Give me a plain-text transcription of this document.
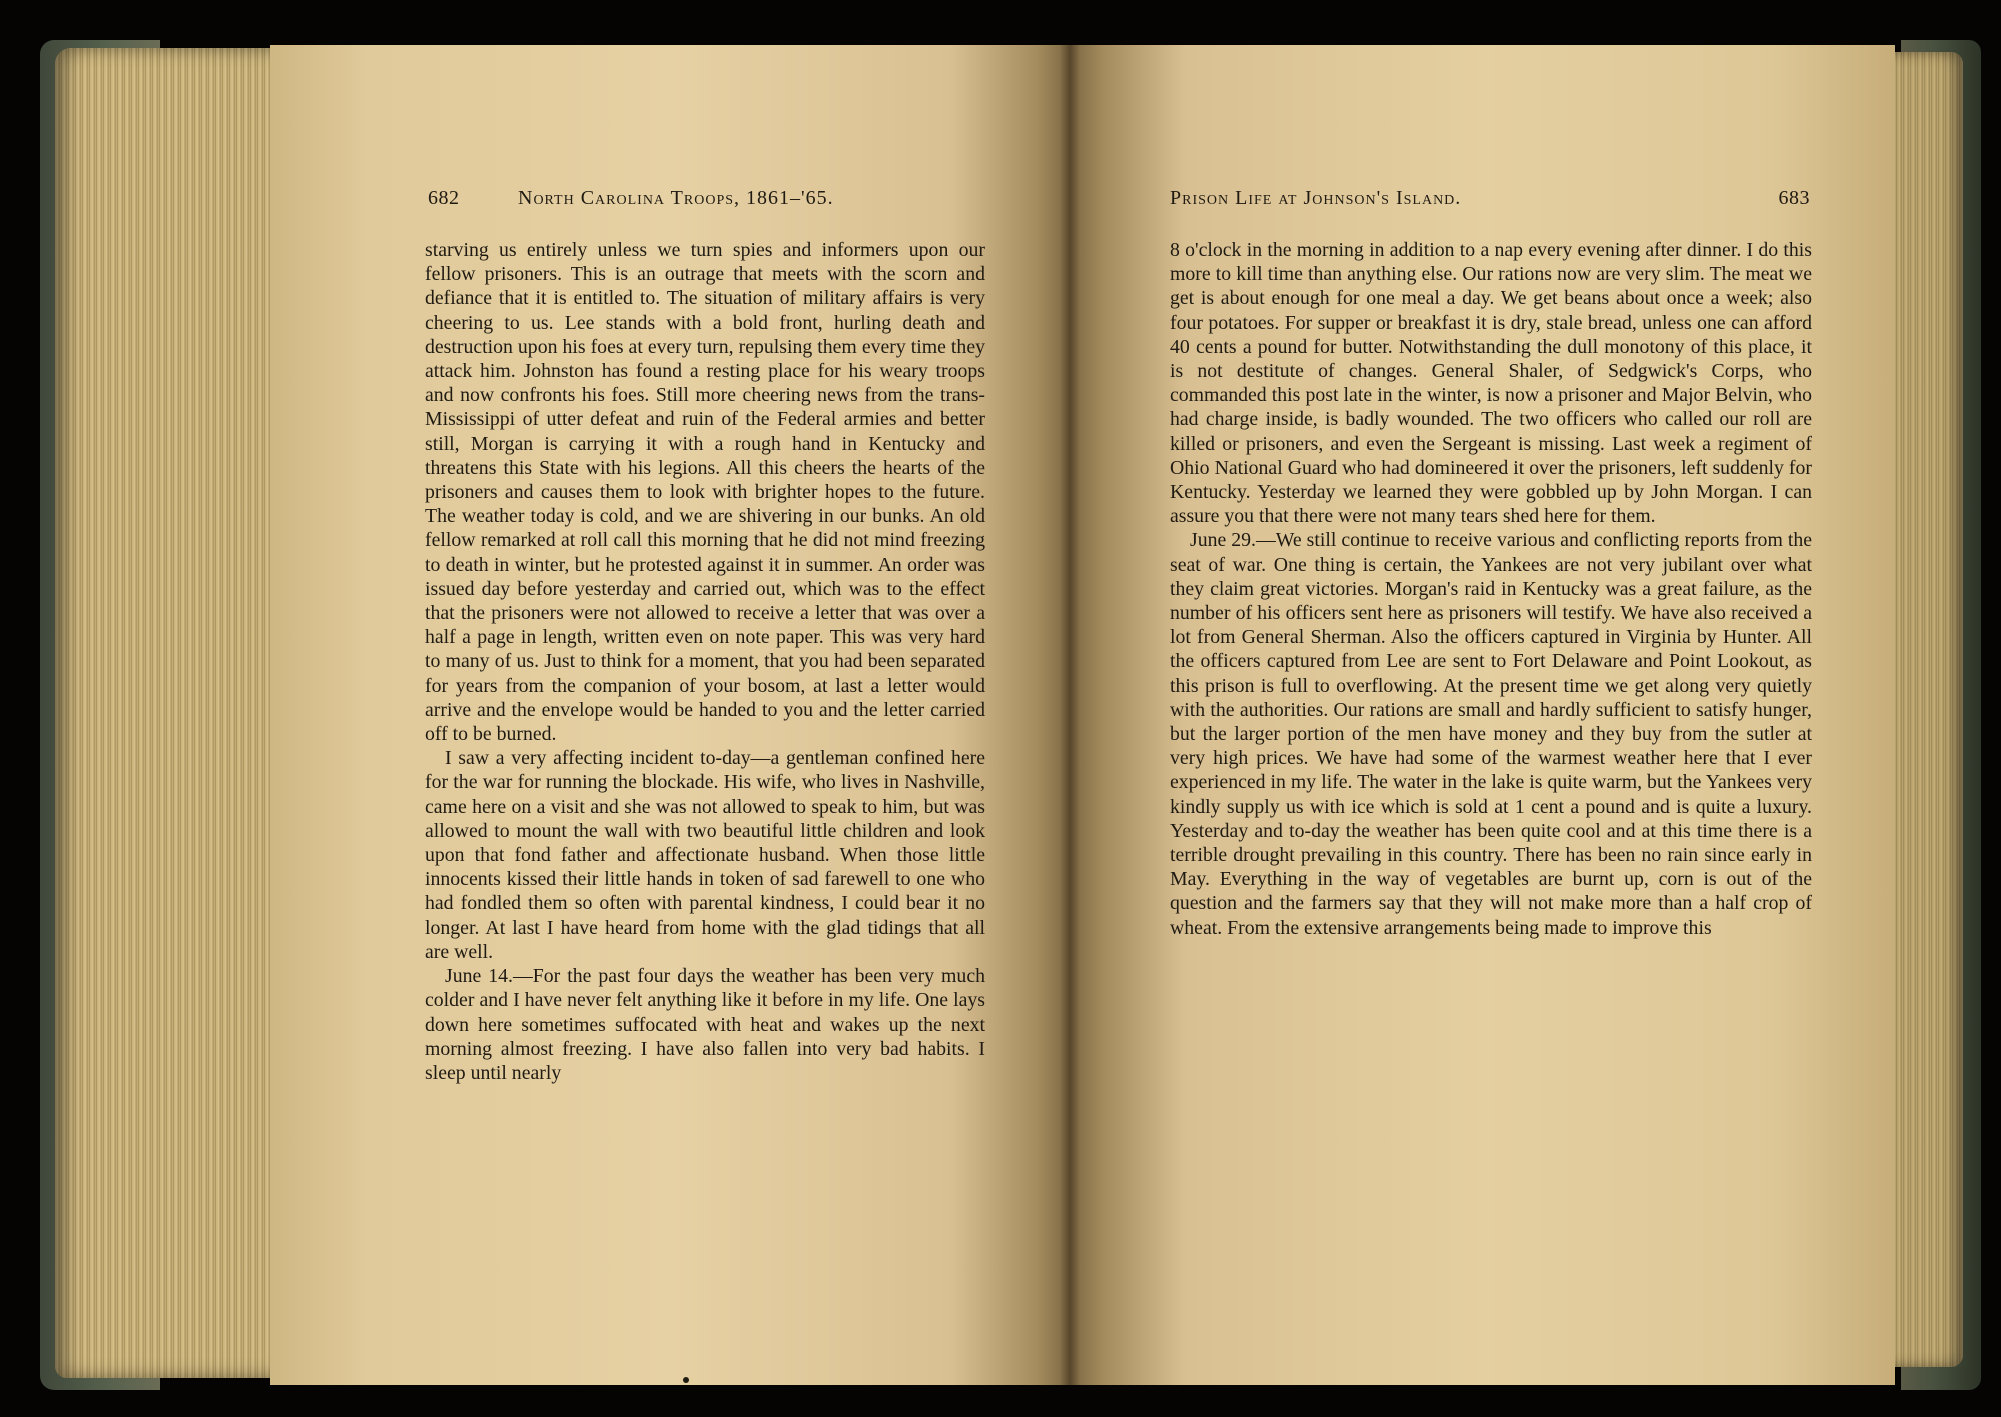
682	North Carolina Troops, 1861–'65.

starving us entirely unless we turn spies and informers upon our fellow prisoners. This is an outrage that meets with the scorn and defiance that it is entitled to. The situation of military affairs is very cheering to us. Lee stands with a bold front, hurling death and destruction upon his foes at every turn, repulsing them every time they attack him. Johnston has found a resting place for his weary troops and now confronts his foes. Still more cheering news from the trans-Mississippi of utter defeat and ruin of the Federal armies and better still, Morgan is carrying it with a rough hand in Kentucky and threatens this State with his legions. All this cheers the hearts of the prisoners and causes them to look with brighter hopes to the future. The weather today is cold, and we are shivering in our bunks. An old fellow remarked at roll call this morning that he did not mind freezing to death in winter, but he protested against it in summer. An order was issued day before yesterday and carried out, which was to the effect that the prisoners were not allowed to receive a letter that was over a half a page in length, written even on note paper. This was very hard to many of us. Just to think for a moment, that you had been separated for years from the companion of your bosom, at last a letter would arrive and the envelope would be handed to you and the letter carried off to be burned.

I saw a very affecting incident to-day—a gentleman confined here for the war for running the blockade. His wife, who lives in Nashville, came here on a visit and she was not allowed to speak to him, but was allowed to mount the wall with two beautiful little children and look upon that fond father and affectionate husband. When those little innocents kissed their little hands in token of sad farewell to one who had fondled them so often with parental kindness, I could bear it no longer. At last I have heard from home with the glad tidings that all are well.

June 14.—For the past four days the weather has been very much colder and I have never felt anything like it before in my life. One lays down here sometimes suffocated with heat and wakes up the next morning almost freezing. I have also fallen into very bad habits. I sleep until nearly

Prison Life at Johnson's Island.	683

8 o'clock in the morning in addition to a nap every evening after dinner. I do this more to kill time than anything else. Our rations now are very slim. The meat we get is about enough for one meal a day. We get beans about once a week; also four potatoes. For supper or breakfast it is dry, stale bread, unless one can afford 40 cents a pound for butter. Notwithstanding the dull monotony of this place, it is not destitute of changes. General Shaler, of Sedgwick's Corps, who commanded this post late in the winter, is now a prisoner and Major Belvin, who had charge inside, is badly wounded. The two officers who called our roll are killed or prisoners, and even the Sergeant is missing. Last week a regiment of Ohio National Guard who had domineered it over the prisoners, left suddenly for Kentucky. Yesterday we learned they were gobbled up by John Morgan. I can assure you that there were not many tears shed here for them.

June 29.—We still continue to receive various and conflicting reports from the seat of war. One thing is certain, the Yankees are not very jubilant over what they claim great victories. Morgan's raid in Kentucky was a great failure, as the number of his officers sent here as prisoners will testify. We have also received a lot from General Sherman. Also the officers captured in Virginia by Hunter. All the officers captured from Lee are sent to Fort Delaware and Point Lookout, as this prison is full to overflowing. At the present time we get along very quietly with the authorities. Our rations are small and hardly sufficient to satisfy hunger, but the larger portion of the men have money and they buy from the sutler at very high prices. We have had some of the warmest weather here that I ever experienced in my life. The water in the lake is quite warm, but the Yankees very kindly supply us with ice which is sold at 1 cent a pound and is quite a luxury. Yesterday and to-day the weather has been quite cool and at this time there is a terrible drought prevailing in this country. There has been no rain since early in May. Everything in the way of vegetables are burnt up, corn is out of the question and the farmers say that they will not make more than a half crop of wheat. From the extensive arrangements being made to improve this
